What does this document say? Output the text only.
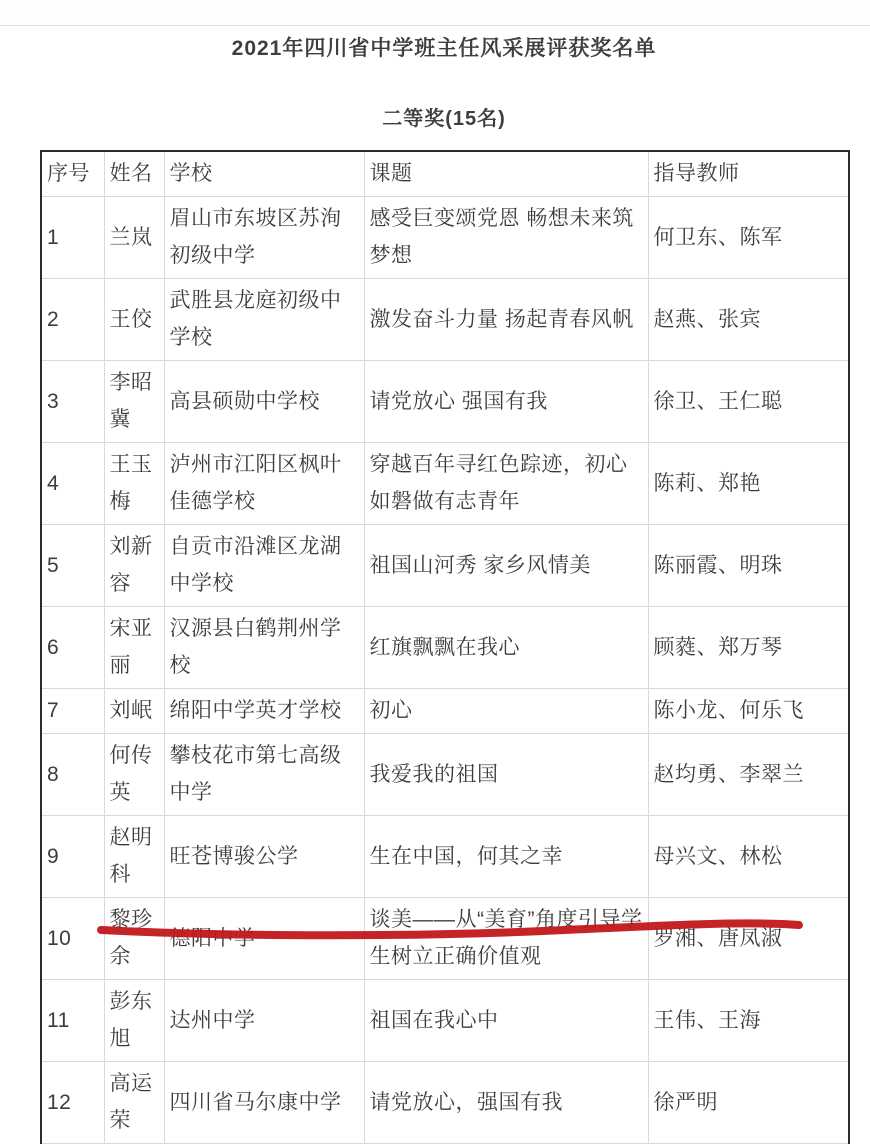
2021年四川省中学班主任风采展评获奖名单
二等奖(15名)
序号	姓名	学校	课题	指导教师
1	兰岚	眉山市东坡区苏洵初级中学	感受巨变颂党恩 畅想未来筑梦想	何卫东、陈军
2	王佼	武胜县龙庭初级中学校	激发奋斗力量 扬起青春风帆	赵燕、张宾
3	李昭冀	高县硕勋中学校	请党放心 强国有我	徐卫、王仁聪
4	王玉梅	泸州市江阳区枫叶佳德学校	穿越百年寻红色踪迹，初心如磐做有志青年	陈莉、郑艳
5	刘新容	自贡市沿滩区龙湖中学校	祖国山河秀 家乡风情美	陈丽霞、明珠
6	宋亚丽	汉源县白鹤荆州学校	红旗飘飘在我心	顾蕤、郑万琴
7	刘岷	绵阳中学英才学校	初心	陈小龙、何乐飞
8	何传英	攀枝花市第七高级中学	我爱我的祖国	赵均勇、李翠兰
9	赵明科	旺苍博骏公学	生在中国，何其之幸	母兴文、林松
10	黎珍余	德阳中学	谈美——从“美育”角度引导学生树立正确价值观	罗湘、唐凤淑
11	彭东旭	达州中学	祖国在我心中	王伟、王海
12	高运荣	四川省马尔康中学	请党放心，强国有我	徐严明
